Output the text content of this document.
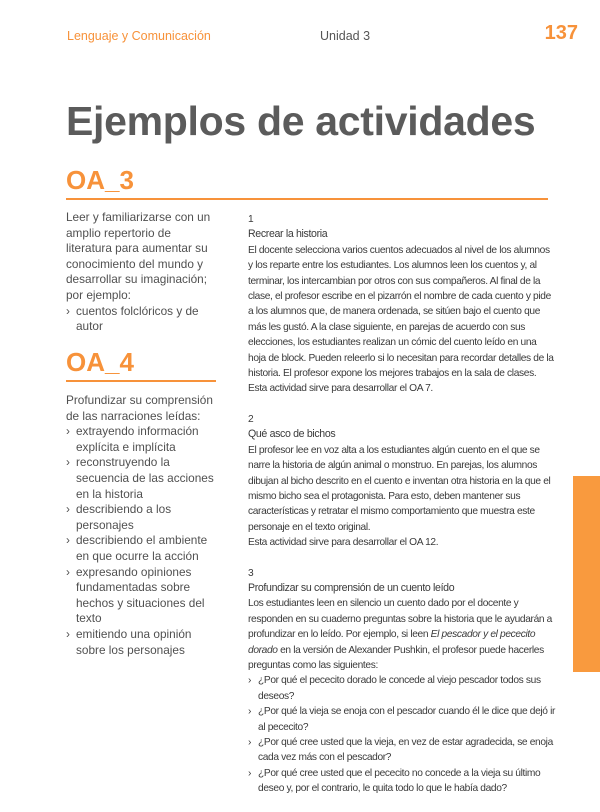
Lenguaje y Comunicación	Unidad 3	137
Ejemplos de actividades
OA_3
Leer y familiarizarse con un amplio repertorio de literatura para aumentar su conocimiento del mundo y desarrollar su imaginación; por ejemplo:
› cuentos folclóricos y de autor
OA_4
Profundizar su comprensión de las narraciones leídas:
› extrayendo información explícita e implícita
› reconstruyendo la secuencia de las acciones en la historia
› describiendo a los personajes
› describiendo el ambiente en que ocurre la acción
› expresando opiniones fundamentadas sobre hechos y situaciones del texto
› emitiendo una opinión sobre los personajes
1
Recrear la historia
El docente selecciona varios cuentos adecuados al nivel de los alumnos y los reparte entre los estudiantes. Los alumnos leen los cuentos y, al terminar, los intercambian por otros con sus compañeros. Al final de la clase, el profesor escribe en el pizarrón el nombre de cada cuento y pide a los alumnos que, de manera ordenada, se sitúen bajo el cuento que más les gustó. A la clase siguiente, en parejas de acuerdo con sus elecciones, los estudiantes realizan un cómic del cuento leído en una hoja de block. Pueden releerlo si lo necesitan para recordar detalles de la historia. El profesor expone los mejores trabajos en la sala de clases.
Esta actividad sirve para desarrollar el OA 7.
2
Qué asco de bichos
El profesor lee en voz alta a los estudiantes algún cuento en el que se narre la historia de algún animal o monstruo. En parejas, los alumnos dibujan al bicho descrito en el cuento e inventan otra historia en la que el mismo bicho sea el protagonista. Para esto, deben mantener sus características y retratar el mismo comportamiento que muestra este personaje en el texto original.
Esta actividad sirve para desarrollar el OA 12.
3
Profundizar su comprensión de un cuento leído
Los estudiantes leen en silencio un cuento dado por el docente y responden en su cuaderno preguntas sobre la historia que le ayudarán a profundizar en lo leído. Por ejemplo, si leen El pescador y el pececito dorado en la versión de Alexander Pushkin, el profesor puede hacerles preguntas como las siguientes:
› ¿Por qué el pececito dorado le concede al viejo pescador todos sus deseos?
› ¿Por qué la vieja se enoja con el pescador cuando él le dice que dejó ir al pececito?
› ¿Por qué cree usted que la vieja, en vez de estar agradecida, se enoja cada vez más con el pescador?
› ¿Por qué cree usted que el pececito no concede a la vieja su último deseo y, por el contrario, le quita todo lo que le había dado?
